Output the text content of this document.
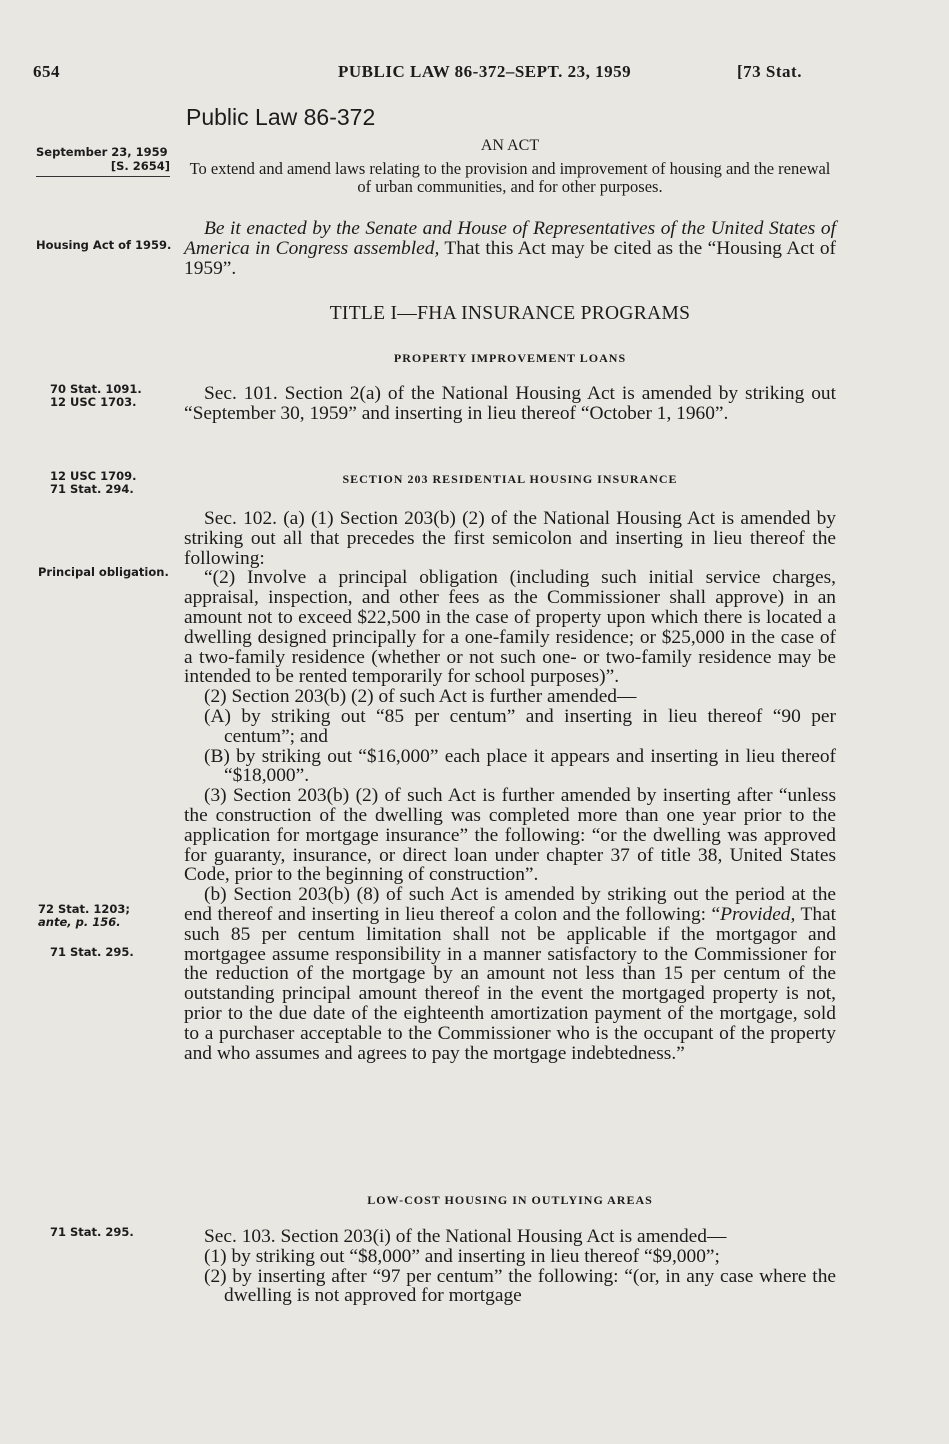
654	PUBLIC LAW 86-372–SEPT. 23, 1959	[73 Stat.
Public Law 86-372
September 23, 1959
[S. 2654]
AN ACT
To extend and amend laws relating to the provision and improvement of housing and the renewal of urban communities, and for other purposes.
Housing Act of 1959.

Be it enacted by the Senate and House of Representatives of the United States of America in Congress assembled, That this Act may be cited as the “Housing Act of 1959”.

TITLE I—FHA INSURANCE PROGRAMS
PROPERTY IMPROVEMENT LOANS
70 Stat. 1091.
12 USC 1703.	Sec. 101. Section 2(a) of the National Housing Act is amended by striking out “September 30, 1959” and inserting in lieu thereof “October 1, 1960”.

12 USC 1709.
71 Stat. 294.
SECTION 203 RESIDENTIAL HOUSING INSURANCE
Principal obligation.
72 Stat. 1203;
ante, p. 156.
71 Stat. 295.

Sec. 102. (a) (1) Section 203(b) (2) of the National Housing Act is amended by striking out all that precedes the first semicolon and inserting in lieu thereof the following:

“(2) Involve a principal obligation (including such initial service charges, appraisal, inspection, and other fees as the Commissioner shall approve) in an amount not to exceed $22,500 in the case of property upon which there is located a dwelling designed principally for a one-family residence; or $25,000 in the case of a two-family residence (whether or not such one- or two-family residence may be intended to be rented temporarily for school purposes)”.

(2) Section 203(b) (2) of such Act is further amended—

(A) by striking out “85 per centum” and inserting in lieu thereof “90 per centum”; and

(B) by striking out “$16,000” each place it appears and inserting in lieu thereof “$18,000”.

(3) Section 203(b) (2) of such Act is further amended by inserting after “unless the construction of the dwelling was completed more than one year prior to the application for mortgage insurance” the following: “or the dwelling was approved for guaranty, insurance, or direct loan under chapter 37 of title 38, United States Code, prior to the beginning of construction”.

(b) Section 203(b) (8) of such Act is amended by striking out the period at the end thereof and inserting in lieu thereof a colon and the following: “Provided, That such 85 per centum limitation shall not be applicable if the mortgagor and mortgagee assume responsibility in a manner satisfactory to the Commissioner for the reduction of the mortgage by an amount not less than 15 per centum of the outstanding principal amount thereof in the event the mortgaged property is not, prior to the due date of the eighteenth amortization payment of the mortgage, sold to a purchaser acceptable to the Commissioner who is the occupant of the property and who assumes and agrees to pay the mortgage indebtedness.”

LOW-COST HOUSING IN OUTLYING AREAS
71 Stat. 295.	Sec. 103. Section 203(i) of the National Housing Act is amended—

(1) by striking out “$8,000” and inserting in lieu thereof “$9,000”;

(2) by inserting after “97 per centum” the following: “(or, in any case where the dwelling is not approved for mortgage
